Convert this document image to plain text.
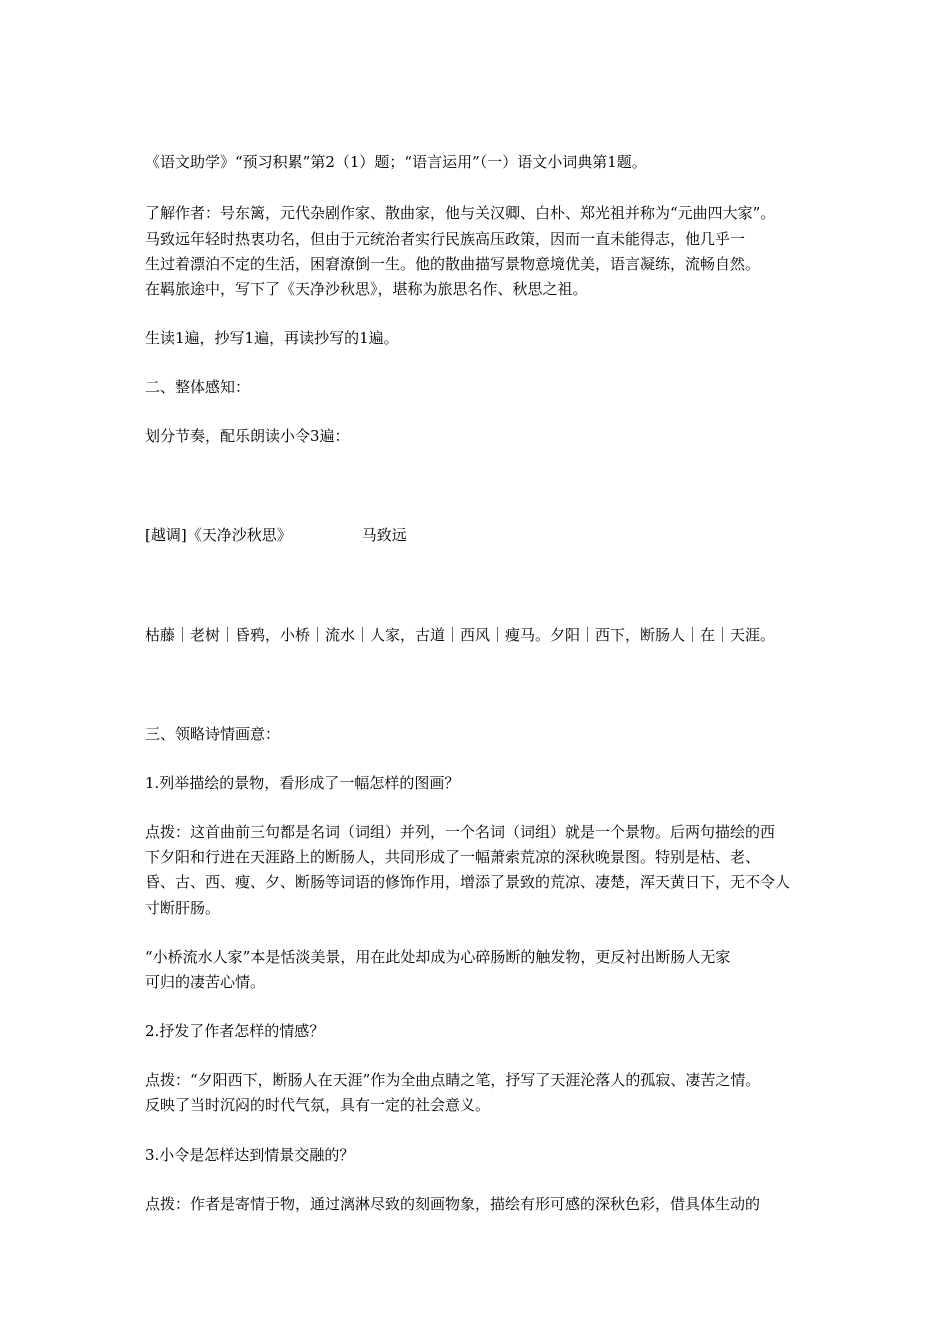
《语文助学》“预习积累”第2（1）题；“语言运用”（一）语文小词典第1题。
了解作者：号东篱，元代杂剧作家、散曲家，他与关汉卿、白朴、郑光祖并称为“元曲四大家”。
马致远年轻时热衷功名，但由于元统治者实行民族高压政策，因而一直未能得志，他几乎一
生过着漂泊不定的生活，困窘潦倒一生。他的散曲描写景物意境优美，语言凝练，流畅自然。
在羁旅途中，写下了《天净沙秋思》，堪称为旅思名作、秋思之祖。
生读1遍，抄写1遍，再读抄写的1遍。
二、整体感知：
划分节奏，配乐朗读小令3遍：
[越调]《天净沙秋思》	马致远
枯藤｜老树｜昏鸦，小桥｜流水｜人家，古道｜西风｜瘦马。夕阳｜西下，断肠人｜在｜天涯。
三、领略诗情画意：
1.列举描绘的景物，看形成了一幅怎样的图画？
点拨：这首曲前三句都是名词（词组）并列，一个名词（词组）就是一个景物。后两句描绘的西
下夕阳和行进在天涯路上的断肠人，共同形成了一幅萧索荒凉的深秋晚景图。特别是枯、老、
昏、古、西、瘦、夕、断肠等词语的修饰作用，增添了景致的荒凉、凄楚，浑天黄日下，无不令人
寸断肝肠。
“小桥流水人家”本是恬淡美景，用在此处却成为心碎肠断的触发物，更反衬出断肠人无家
可归的凄苦心情。
2.抒发了作者怎样的情感？
点拨：“夕阳西下，断肠人在天涯”作为全曲点睛之笔，抒写了天涯沦落人的孤寂、凄苦之情。
反映了当时沉闷的时代气氛，具有一定的社会意义。
3.小令是怎样达到情景交融的？
点拨：作者是寄情于物，通过漓淋尽致的刻画物象，描绘有形可感的深秋色彩，借具体生动的
